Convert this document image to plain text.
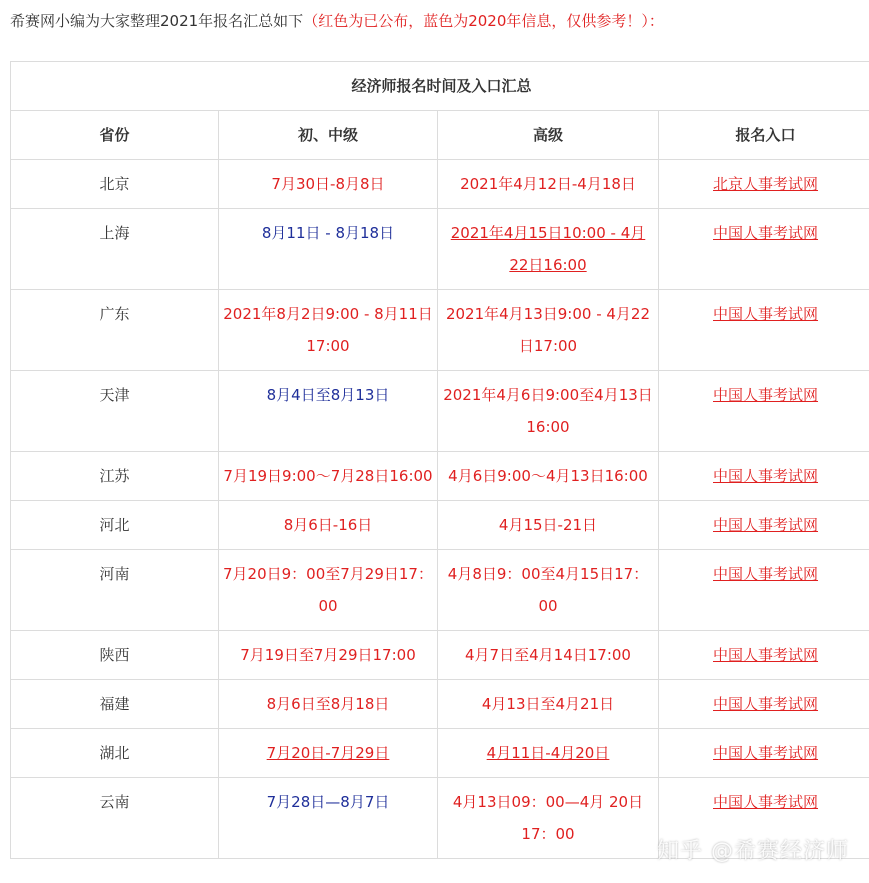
希赛网小编为大家整理2021年报名汇总如下（红色为已公布，蓝色为2020年信息，仅供参考！）：
经济师报名时间及入口汇总			
省份	初、中级	高级	报名入口
北京	7月30日-8月8日	2021年4月12日-4月18日	北京人事考试网
上海	8月11日 - 8月18日	2021年4月15日10:00 - 4月22日16:00	中国人事考试网
广东	2021年8月2日9:00 - 8月11日17:00	2021年4月13日9:00 - 4月22日17:00	中国人事考试网
天津	8月4日至8月13日	2021年4月6日9:00至4月13日16:00	中国人事考试网
江苏	7月19日9:00～7月28日16:00	4月6日9:00～4月13日16:00	中国人事考试网
河北	8月6日-16日	4月15日-21日	中国人事考试网
河南	7月20日9：00至7月29日17：00	4月8日9：00至4月15日17：00	中国人事考试网
陕西	7月19日至7月29日17:00	4月7日至4月14日17:00	中国人事考试网
福建	8月6日至8月18日	4月13日至4月21日	中国人事考试网
湖北	7月20日-7月29日	4月11日-4月20日	中国人事考试网
云南	7月28日—8月7日	4月13日09：00—4月 20日 17：00	中国人事考试网
知乎 @希赛经济师
